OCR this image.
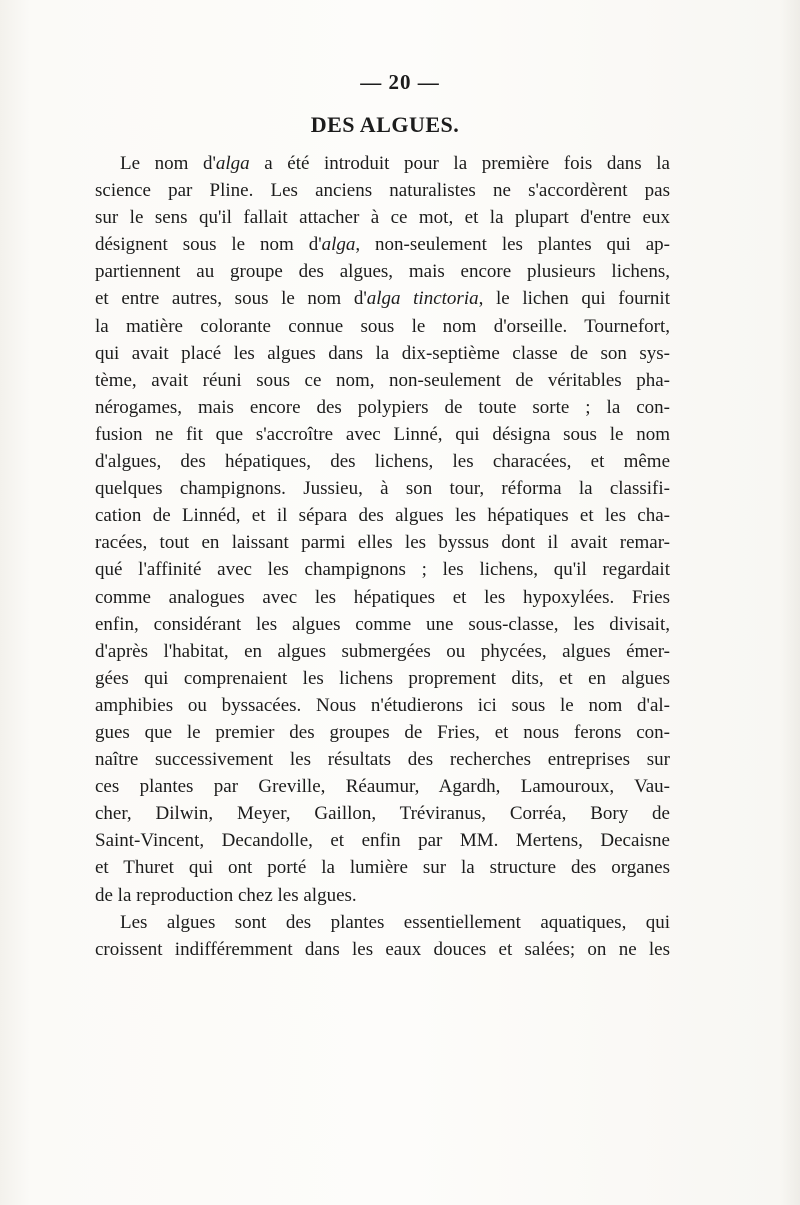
— 20 —
DES ALGUES.
Le nom d'alga a été introduit pour la première fois dans la
science par Pline. Les anciens naturalistes ne s'accordèrent pas
sur le sens qu'il fallait attacher à ce mot, et la plupart d'entre eux
désignent sous le nom d'alga, non-seulement les plantes qui ap-
partiennent au groupe des algues, mais encore plusieurs lichens,
et entre autres, sous le nom d'alga tinctoria, le lichen qui fournit
la matière colorante connue sous le nom d'orseille. Tournefort,
qui avait placé les algues dans la dix-septième classe de son sys-
tème, avait réuni sous ce nom, non-seulement de véritables pha-
nérogames, mais encore des polypiers de toute sorte ; la con-
fusion ne fit que s'accroître avec Linné, qui désigna sous le nom
d'algues, des hépatiques, des lichens, les characées, et même
quelques champignons. Jussieu, à son tour, réforma la classifi-
cation de Linnéd, et il sépara des algues les hépatiques et les cha-
racées, tout en laissant parmi elles les byssus dont il avait remar-
qué l'affinité avec les champignons ; les lichens, qu'il regardait
comme analogues avec les hépatiques et les hypoxylées. Fries
enfin, considérant les algues comme une sous-classe, les divisait,
d'après l'habitat, en algues submergées ou phycées, algues émer-
gées qui comprenaient les lichens proprement dits, et en algues
amphibies ou byssacées. Nous n'étudierons ici sous le nom d'al-
gues que le premier des groupes de Fries, et nous ferons con-
naître successivement les résultats des recherches entreprises sur
ces plantes par Greville, Réaumur, Agardh, Lamouroux, Vau-
cher, Dilwin, Meyer, Gaillon, Tréviranus, Corréa, Bory de
Saint-Vincent, Decandolle, et enfin par MM. Mertens, Decaisne
et Thuret qui ont porté la lumière sur la structure des organes
de la reproduction chez les algues.
Les algues sont des plantes essentiellement aquatiques, qui
croissent indifféremment dans les eaux douces et salées; on ne les
